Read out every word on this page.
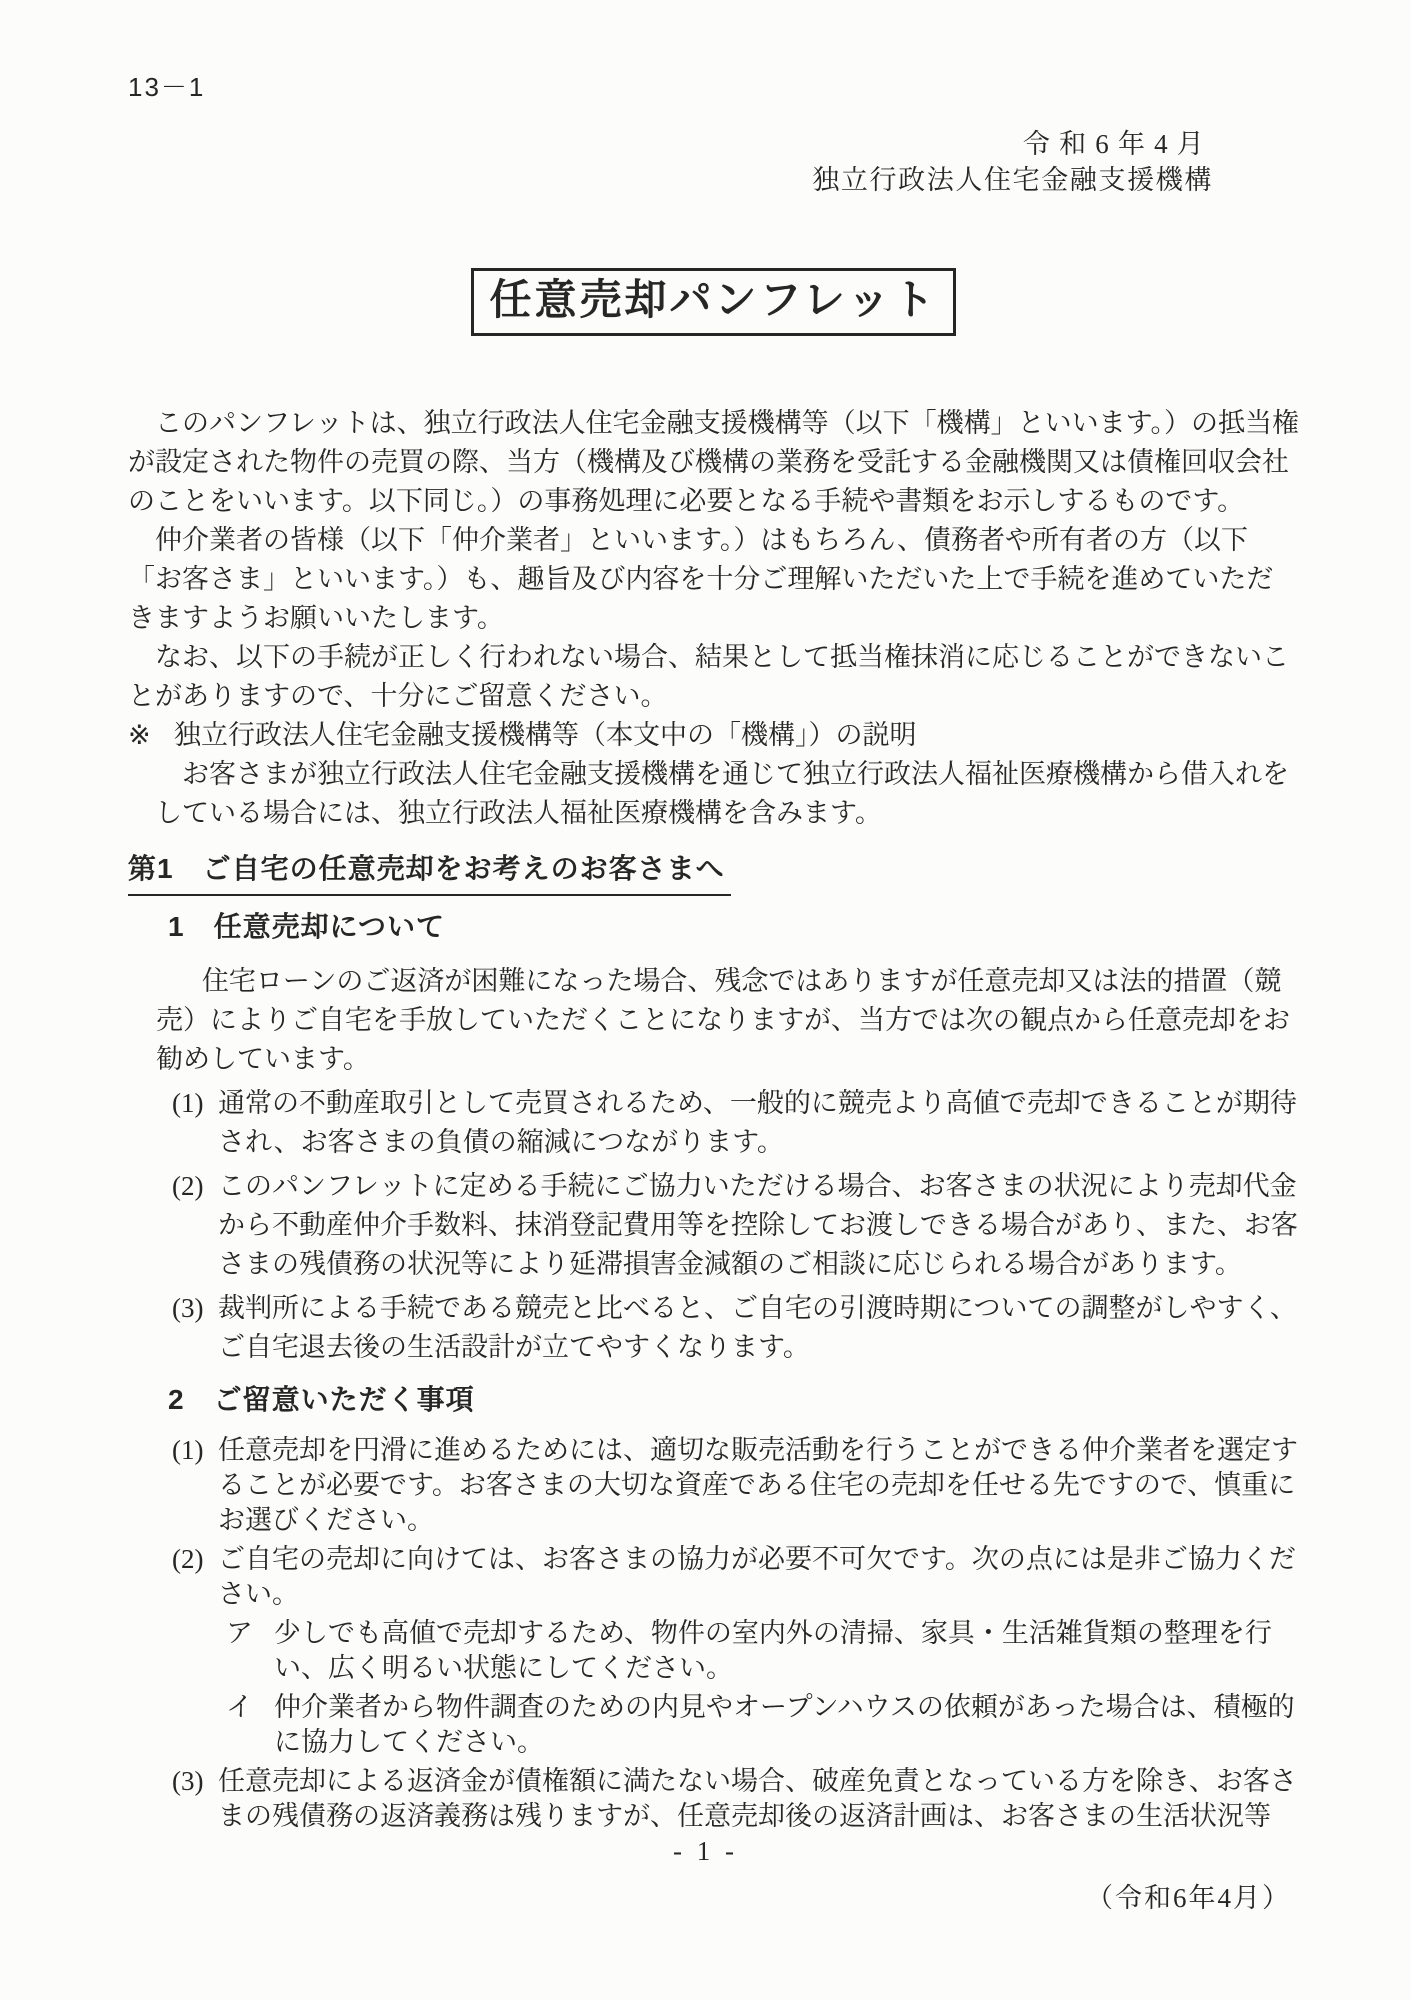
13－1
令和6年4月
独立行政法人住宅金融支援機構
任意売却パンフレット

このパンフレットは、独立行政法人住宅金融支援機構等（以下「機構」といいます。）の抵当権が設定された物件の売買の際、当方（機構及び機構の業務を受託する金融機関又は債権回収会社のことをいいます。以下同じ。）の事務処理に必要となる手続や書類をお示しするものです。

仲介業者の皆様（以下「仲介業者」といいます。）はもちろん、債務者や所有者の方（以下「お客さま」といいます。）も、趣旨及び内容を十分ご理解いただいた上で手続を進めていただきますようお願いいたします。

なお、以下の手続が正しく行われない場合、結果として抵当権抹消に応じることができないことがありますので、十分にご留意ください。

※ 独立行政法人住宅金融支援機構等（本文中の「機構」）の説明

お客さまが独立行政法人住宅金融支援機構を通じて独立行政法人福祉医療機構から借入れをしている場合には、独立行政法人福祉医療機構を含みます。

第1　ご自宅の任意売却をお考えのお客さまへ
1　任意売却について

住宅ローンのご返済が困難になった場合、残念ではありますが任意売却又は法的措置（競売）によりご自宅を手放していただくことになりますが、当方では次の観点から任意売却をお勧めしています。

(1) 通常の不動産取引として売買されるため、一般的に競売より高値で売却できることが期待され、お客さまの負債の縮減につながります。

(2) このパンフレットに定める手続にご協力いただける場合、お客さまの状況により売却代金から不動産仲介手数料、抹消登記費用等を控除してお渡しできる場合があり、また、お客さまの残債務の状況等により延滞損害金減額のご相談に応じられる場合があります。

(3) 裁判所による手続である競売と比べると、ご自宅の引渡時期についての調整がしやすく、ご自宅退去後の生活設計が立てやすくなります。

2　ご留意いただく事項

(1) 任意売却を円滑に進めるためには、適切な販売活動を行うことができる仲介業者を選定することが必要です。お客さまの大切な資産である住宅の売却を任せる先ですので、慎重にお選びください。

(2) ご自宅の売却に向けては、お客さまの協力が必要不可欠です。次の点には是非ご協力ください。

ア 少しでも高値で売却するため、物件の室内外の清掃、家具・生活雑貨類の整理を行い、広く明るい状態にしてください。

イ 仲介業者から物件調査のための内見やオープンハウスの依頼があった場合は、積極的に協力してください。

(3) 任意売却による返済金が債権額に満たない場合、破産免責となっている方を除き、お客さまの残債務の返済義務は残りますが、任意売却後の返済計画は、お客さまの生活状況等

- 1 -
（令和6年4月）
